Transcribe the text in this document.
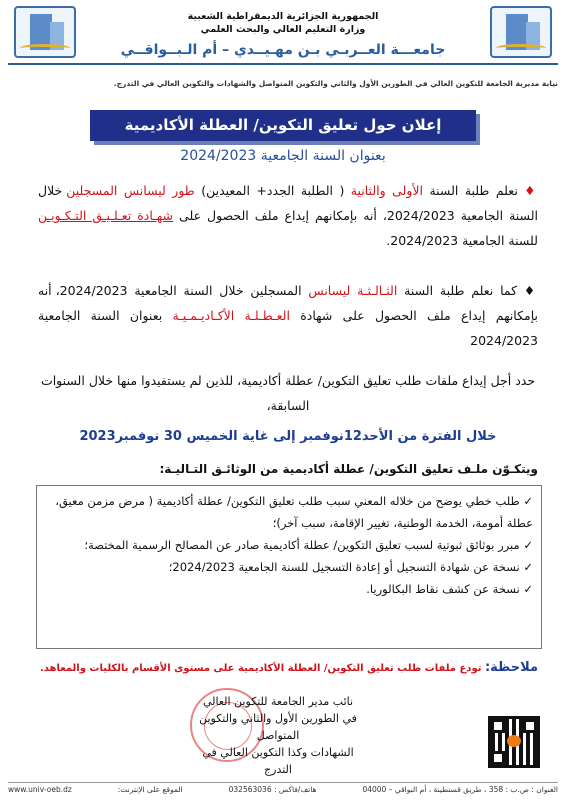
الجمهورية الجزائرية الديمقراطية الشعبية
وزارة التعليم العالي والبحث العلمي
جامعـــة العــربـي بـن مهـيــدي – أم الـبــواقــي
نيابة مديرية الجامعة للتكوين العالي في الطورين الأول والثاني والتكوين المتواصل والشهادات والتكوين العالي في التدرج.
إعلان حول تعليق التكوين/ العطلة الأكاديمية
بعنوان السنة الجامعية 2024/2023
♦ نعلم طلبة السنة الأولى والثانية ( الطلبة الجدد+ المعيدين) طور ليسانس المسجلين خلال السنة الجامعية 2024/2023، أنه بإمكانهم إيداع ملف الحصول على شهـادة تعـلـيـق التـكـويـن للسنة الجامعية 2024/2023.
♦ كما نعلم طلبة السنة الثـالـثـة ليسانس المسجلين خلال السنة الجامعية 2024/2023، أنه بإمكانهم إيداع ملف الحصول على شهادة العـطـلـة الأكـاديـمـيـة بعنوان السنة الجامعية 2024/2023
حدد أجل إيداع ملفات طلب تعليق التكوين/ عطلة أكاديمية، للذين لم يستفيدوا منها خلال السنوات السابقة،
خلال الفترة من الأحد12نوفمبر إلى غاية الخميس 30 نوفمبر2023
ويتكـوّن ملـف تعليق التكوين/ عطلة أكاديمية من الوثائـق التـاليـة:
✓ طلب خطي يوضح من خلاله المعني سبب طلب تعليق التكوين/ عطلة أكاديمية ( مرض مزمن معيق، عطلة أمومة، الخدمة الوطنية، تغيير الإقامة، سبب آخر)؛
✓ مبرر بوثائق ثبوتية لسبب تعليق التكوين/ عطلة أكاديمية صادر عن المصالح الرسمية المختصة؛
✓ نسخة عن شهادة التسجيل أو إعادة التسجيل للسنة الجامعية 2024/2023؛
✓ نسخة عن كشف نقاط البكالوريا.
ملاحظة: تودع ملفات طلب تعليق التكوين/ العطلة الأكاديمية على مستوى الأقسام بالكليات والمعاهد.
نائب مدير الجامعة للتكوين العالي
في الطورين الأول والثاني والتكوين المتواصل
الشهادات وكذا التكوين العالي في التدرج
www.univ-oeb.dz	الموقع على الإنترنت:	هاتف/فاكس : 032563036	العنوان : ص.ب : 358 ، طريق قسنطينة ، أم البواقي – 04000
